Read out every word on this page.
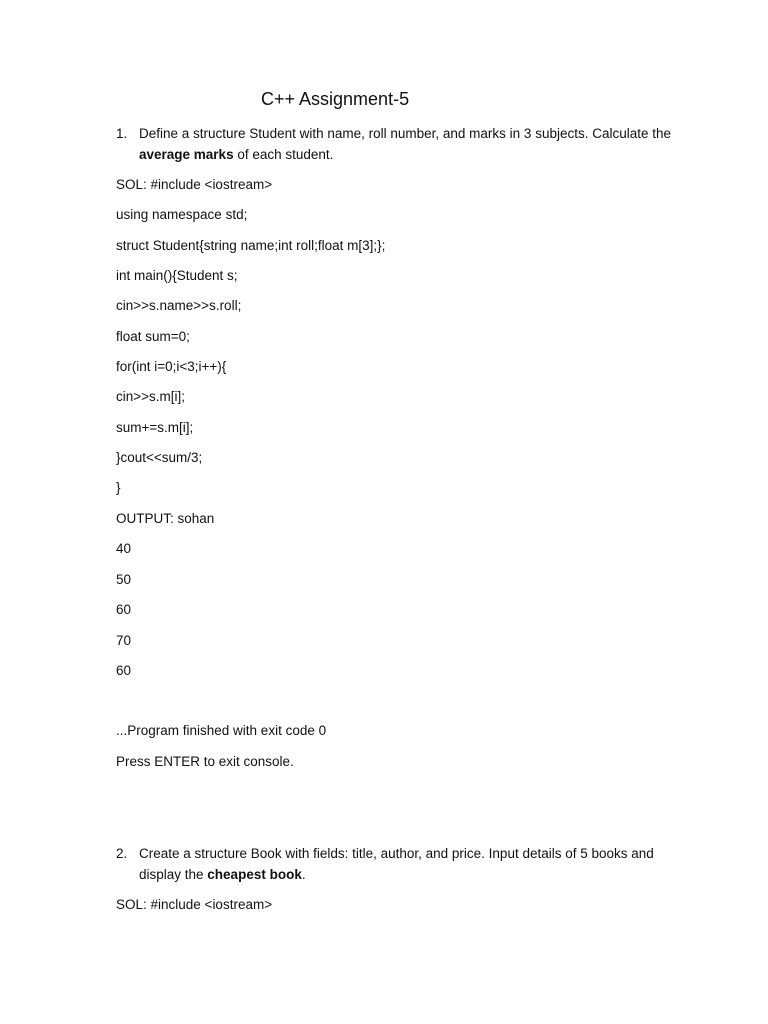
C++ Assignment-5
1. Define a structure Student with name, roll number, and marks in 3 subjects. Calculate the average marks of each student.
SOL: #include <iostream>
using namespace std;
struct Student{string name;int roll;float m[3];};
int main(){Student s;
cin>>s.name>>s.roll;
float sum=0;
for(int i=0;i<3;i++){
cin>>s.m[i];
sum+=s.m[i];
}cout<<sum/3;
}
OUTPUT: sohan
40
50
60
70
60
...Program finished with exit code 0
Press ENTER to exit console.
2. Create a structure Book with fields: title, author, and price. Input details of 5 books and display the cheapest book.
SOL: #include <iostream>
